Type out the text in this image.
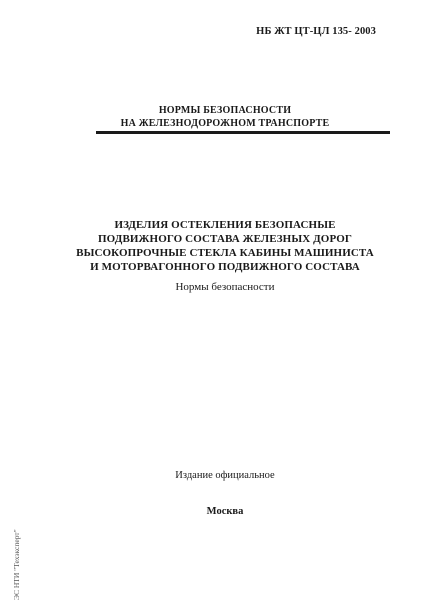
НБ ЖТ ЦТ-ЦЛ 135- 2003
НОРМЫ БЕЗОПАСНОСТИ
НА ЖЕЛЕЗНОДОРОЖНОМ ТРАНСПОРТЕ
ИЗДЕЛИЯ ОСТЕКЛЕНИЯ БЕЗОПАСНЫЕ
ПОДВИЖНОГО СОСТАВА ЖЕЛЕЗНЫХ ДОРОГ
ВЫСОКОПРОЧНЫЕ СТЕКЛА КАБИНЫ МАШИНИСТА
И МОТОРВАГОННОГО ПОДВИЖНОГО СОСТАВА
Нормы безопасности
Издание официальное
Москва
ЭС НТИ "Техэксперт"
